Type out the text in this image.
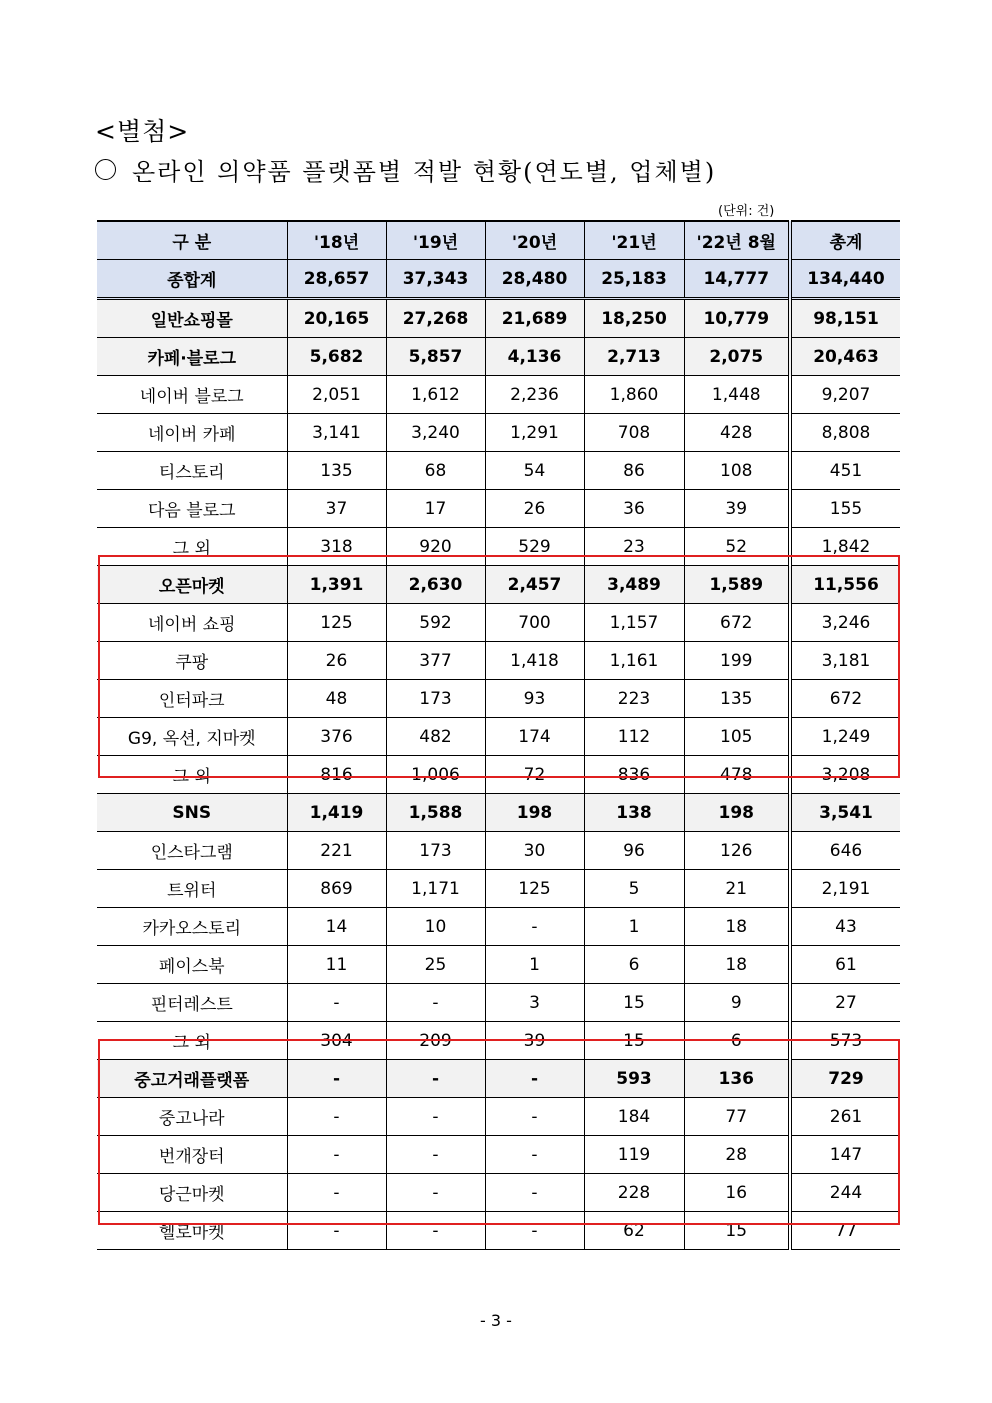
<별첨>
온라인 의약품 플랫폼별 적발 현황(연도별, 업체별)
(단위: 건)
구 분	'18년	'19년	'20년	'21년	'22년 8월	총계
종합계	28,657	37,343	28,480	25,183	14,777	134,440
일반쇼핑몰	20,165	27,268	21,689	18,250	10,779	98,151
카페·블로그	5,682	5,857	4,136	2,713	2,075	20,463
네이버 블로그	2,051	1,612	2,236	1,860	1,448	9,207
네이버 카페	3,141	3,240	1,291	708	428	8,808
티스토리	135	68	54	86	108	451
다음 블로그	37	17	26	36	39	155
그 외	318	920	529	23	52	1,842
오픈마켓	1,391	2,630	2,457	3,489	1,589	11,556
네이버 쇼핑	125	592	700	1,157	672	3,246
쿠팡	26	377	1,418	1,161	199	3,181
인터파크	48	173	93	223	135	672
G9, 옥션, 지마켓	376	482	174	112	105	1,249
그 외	816	1,006	72	836	478	3,208
SNS	1,419	1,588	198	138	198	3,541
인스타그램	221	173	30	96	126	646
트위터	869	1,171	125	5	21	2,191
카카오스토리	14	10	-	1	18	43
페이스북	11	25	1	6	18	61
핀터레스트	-	-	3	15	9	27
그 외	304	209	39	15	6	573
중고거래플랫폼	-	-	-	593	136	729
중고나라	-	-	-	184	77	261
번개장터	-	-	-	119	28	147
당근마켓	-	-	-	228	16	244
헬로마켓	-	-	-	62	15	77
- 3 -
